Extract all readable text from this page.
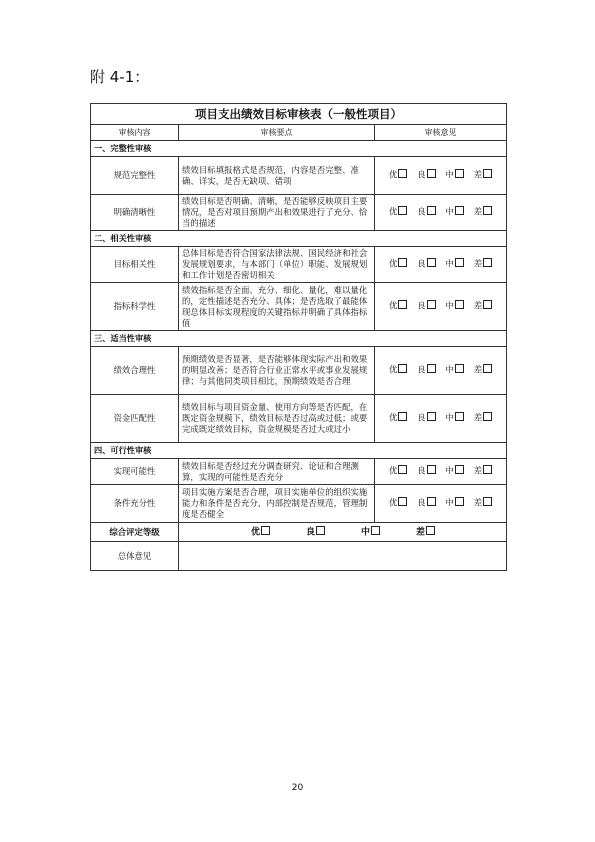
附 4-1：
项目支出绩效目标审核表（一般性项目）		
审核内容	审核要点	审核意见
一、完整性审核		
规范完整性	绩效目标填报格式是否规范，内容是否完整、准确、详实，是否无缺项、错项	优 良 中 差

明确清晰性	绩效目标是否明确、清晰，是否能够反映项目主要情况，是否对项目预期产出和效果进行了充分、恰当的描述	优 良 中 差

二、相关性审核		
目标相关性	总体目标是否符合国家法律法规、国民经济和社会发展规划要求，与本部门（单位）职能、发展规划和工作计划是否密切相关	优 良 中 差

指标科学性	绩效指标是否全面、充分、细化、量化，难以量化的，定性描述是否充分、具体；是否选取了最能体现总体目标实现程度的关键指标并明确了具体指标值	优 良 中 差

三、适当性审核		
绩效合理性	预期绩效是否显著，是否能够体现实际产出和效果的明显改善；是否符合行业正常水平或事业发展规律；与其他同类项目相比，预期绩效是否合理	优 良 中 差

资金匹配性	绩效目标与项目资金量、使用方向等是否匹配，在既定资金规模下，绩效目标是否过高或过低；或要完成既定绩效目标，资金规模是否过大或过小	优 良 中 差

四、可行性审核		
实现可能性	绩效目标是否经过充分调查研究、论证和合理测算，实现的可能性是否充分	优 良 中 差

条件充分性	项目实施方案是否合理，项目实施单位的组织实施能力和条件是否充分，内部控制是否规范，管理制度是否健全	优 良 中 差

综合评定等级	优 良 中 差	

总体意见		
20
